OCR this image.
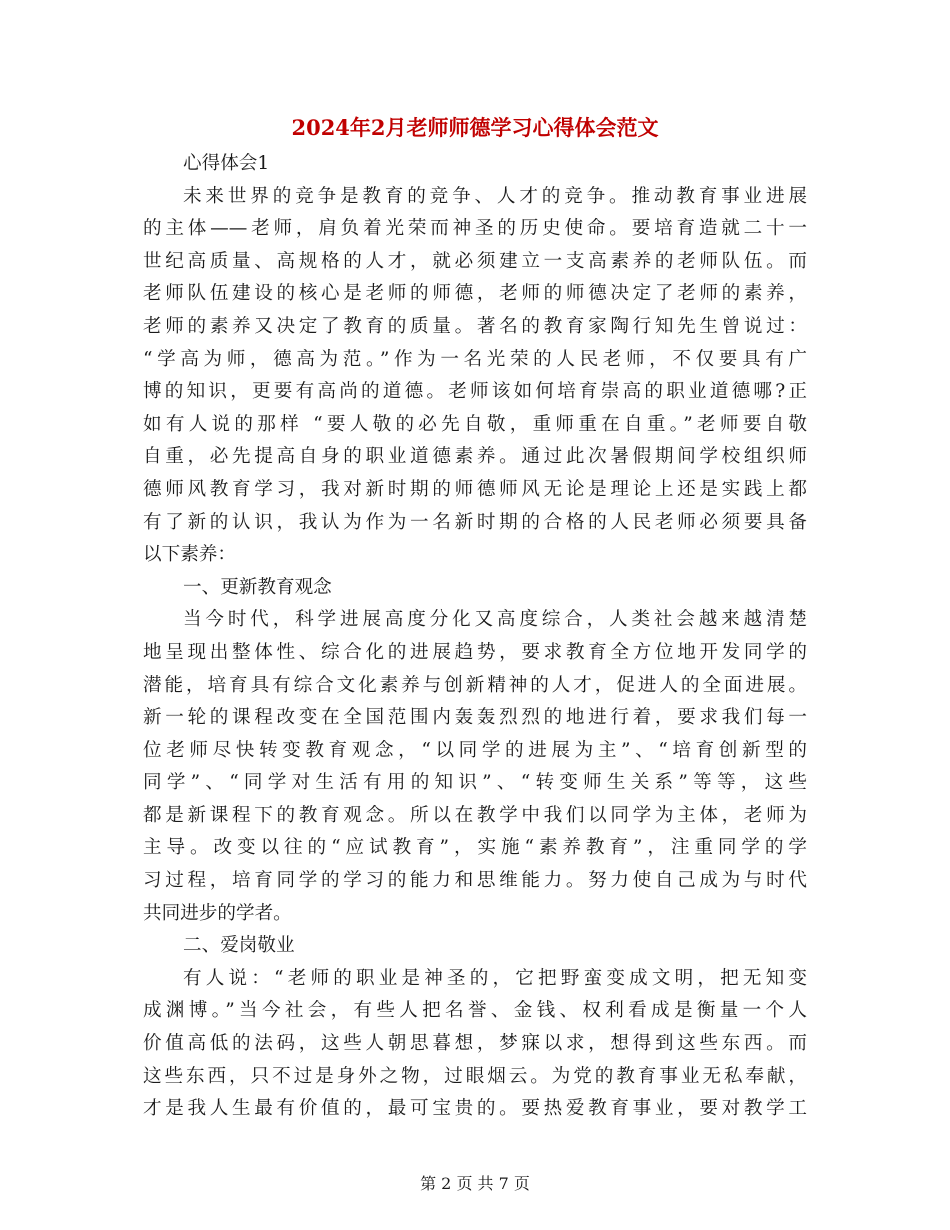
2024年2月老师师德学习心得体会范文
心得体会1
未来世界的竞争是教育的竞争、人才的竞争。推动教育事业进展
的主体——老师，肩负着光荣而神圣的历史使命。要培育造就二十一
世纪高质量、高规格的人才，就必须建立一支高素养的老师队伍。而
老师队伍建设的核心是老师的师德，老师的师德决定了老师的素养，
老师的素养又决定了教育的质量。著名的教育家陶行知先生曾说过：
“学高为师，德高为范。”作为一名光荣的人民老师，不仅要具有广
博的知识，更要有高尚的道德。老师该如何培育崇高的职业道德哪?正
如有人说的那样 “要人敬的必先自敬，重师重在自重。”老师要自敬
自重，必先提高自身的职业道德素养。通过此次暑假期间学校组织师
德师风教育学习，我对新时期的师德师风无论是理论上还是实践上都
有了新的认识，我认为作为一名新时期的合格的人民老师必须要具备
以下素养：
一、更新教育观念
当今时代，科学进展高度分化又高度综合，人类社会越来越清楚
地呈现出整体性、综合化的进展趋势，要求教育全方位地开发同学的
潜能，培育具有综合文化素养与创新精神的人才，促进人的全面进展。
新一轮的课程改变在全国范围内轰轰烈烈的地进行着，要求我们每一
位老师尽快转变教育观念，“以同学的进展为主”、“培育创新型的
同学”、“同学对生活有用的知识”、“转变师生关系”等等，这些
都是新课程下的教育观念。所以在教学中我们以同学为主体，老师为
主导。改变以往的“应试教育”，实施“素养教育”，注重同学的学
习过程，培育同学的学习的能力和思维能力。努力使自己成为与时代
共同进步的学者。
二、爱岗敬业
有人说：“老师的职业是神圣的，它把野蛮变成文明，把无知变
成渊博。”当今社会，有些人把名誉、金钱、权利看成是衡量一个人
价值高低的法码，这些人朝思暮想，梦寐以求，想得到这些东西。而
这些东西，只不过是身外之物，过眼烟云。为党的教育事业无私奉献，
才是我人生最有价值的，最可宝贵的。要热爱教育事业，要对教学工
第 2 页 共 7 页
